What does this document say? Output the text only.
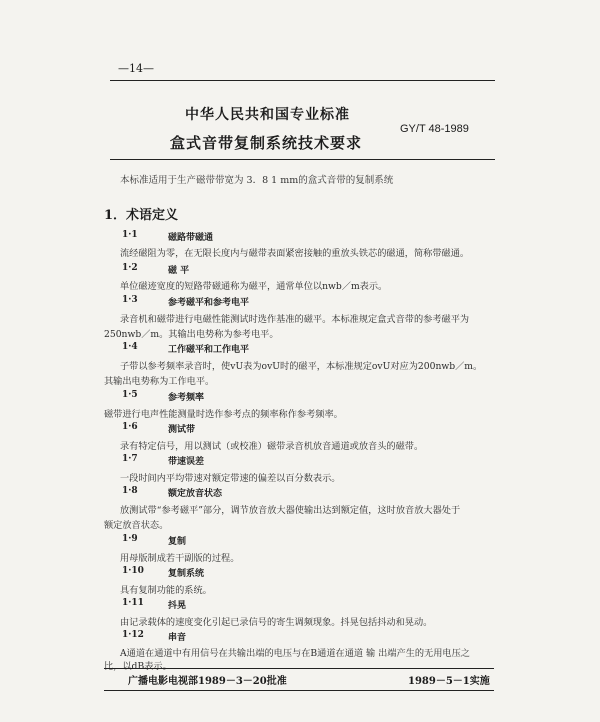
—14—
中华人民共和国专业标准
盒式音带复制系统技术要求
GY/T 48-1989
本标准适用于生产磁带带宽为 3．8 1 mm的盒式音带的复制系统
1．术语定义
1·1	磁路带磁通
流经磁阻为零，在无限长度内与磁带表面紧密接触的重放头铁芯的磁通，简称带磁通。
1·2	磁 平
单位磁迹宽度的短路带磁通称为磁平，通常单位以nwb／m表示。
1·3	参考磁平和参考电平
录音机和磁带进行电磁性能测试时选作基准的磁平。本标准规定盒式音带的参考磁平为
250nwb／m。其输出电势称为参考电平。
1·4	工作磁平和工作电平
子带以参考频率录音时，使vU表为ovU时的磁平，本标准规定ovU对应为200nwb／m。
其输出电势称为工作电平。
1·5	参考频率
磁带进行电声性能测量时选作参考点的频率称作参考频率。
1·6	测试带
录有特定信号，用以测试（或校准）磁带录音机放音通道或放音头的磁带。
1·7	带速误差
一段时间内平均带速对额定带速的偏差以百分数表示。
1·8	额定放音状态
放测试带“参考磁平”部分，调节放音放大器使输出达到额定值，这时放音放大器处于
额定放音状态。
1·9	复制
用母版制成若干副版的过程。
1·10	复制系统
具有复制功能的系统。
1·11	抖晃
由记录载体的速度变化引起已录信号的寄生调频现象。抖晃包括抖动和晃动。
1·12	串音
A通道在通道中有用信号在共输出端的电压与在B通道在通道 输 出端产生的无用电压之
比，以dB表示。
广播电影电视部1989－3－20批准	1989－5－1实施
